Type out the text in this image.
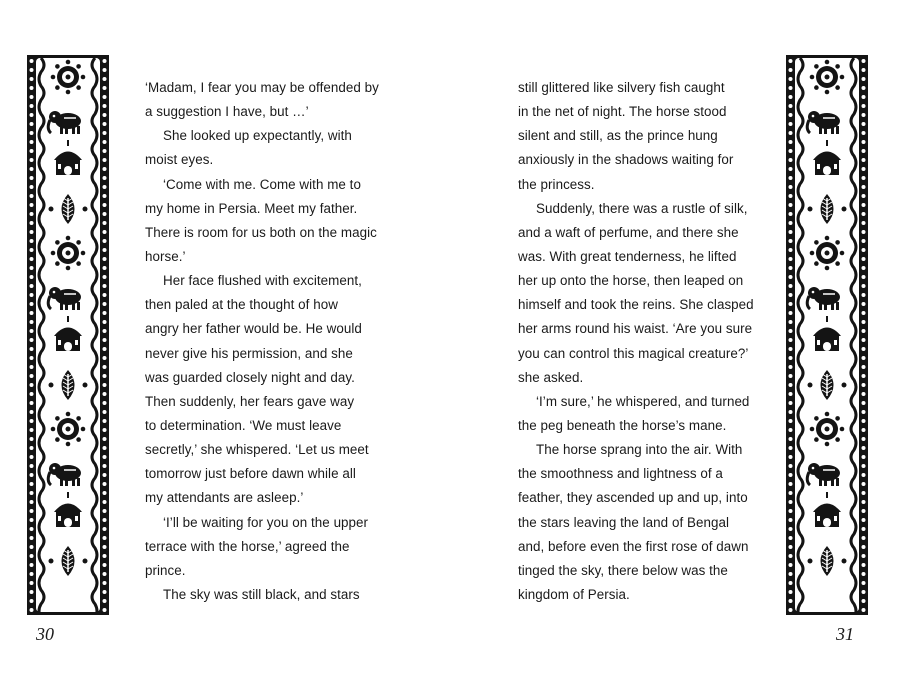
‘Madam, I fear you may be offended by
a suggestion I have, but …’
She looked up expectantly, with
moist eyes.
‘Come with me. Come with me to
my home in Persia. Meet my father.
There is room for us both on the magic
horse.’
Her face flushed with excitement,
then paled at the thought of how
angry her father would be. He would
never give his permission, and she
was guarded closely night and day.
Then suddenly, her fears gave way
to determination. ‘We must leave
secretly,’ she whispered. ‘Let us meet
tomorrow just before dawn while all
my attendants are asleep.’
‘I’ll be waiting for you on the upper
terrace with the horse,’ agreed the
prince.
The sky was still black, and stars
still glittered like silvery fish caught
in the net of night. The horse stood
silent and still, as the prince hung
anxiously in the shadows waiting for
the princess.
Suddenly, there was a rustle of silk,
and a waft of perfume, and there she
was. With great tenderness, he lifted
her up onto the horse, then leaped on
himself and took the reins. She clasped
her arms round his waist. ‘Are you sure
you can control this magical creature?’
she asked.
‘I’m sure,’ he whispered, and turned
the peg beneath the horse’s mane.
The horse sprang into the air. With
the smoothness and lightness of a
feather, they ascended up and up, into
the stars leaving the land of Bengal
and, before even the first rose of dawn
tinged the sky, there below was the
kingdom of Persia.
30	31
